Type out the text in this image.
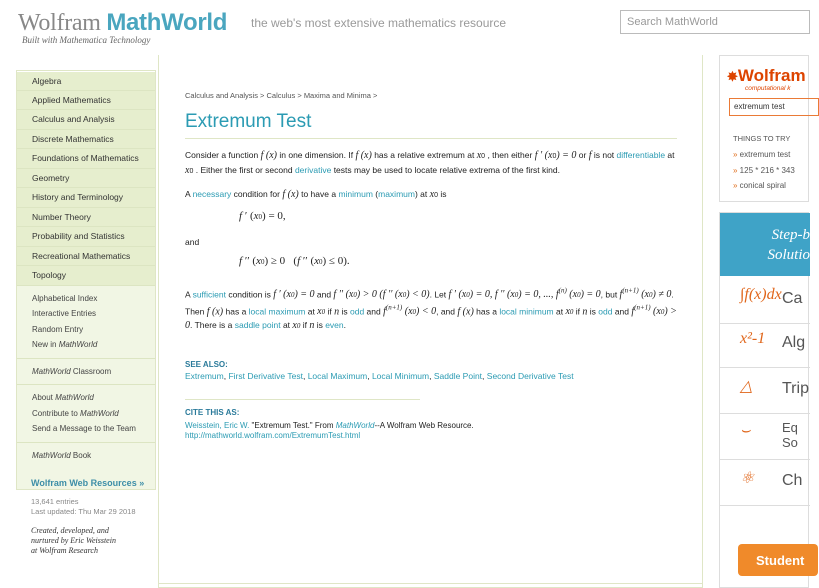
Wolfram MathWorld
Built with Mathematica Technology
the web's most extensive mathematics resource	Search MathWorld
Algebra
Applied Mathematics
Calculus and Analysis
Discrete Mathematics
Foundations of Mathematics
Geometry
History and Terminology
Number Theory
Probability and Statistics
Recreational Mathematics
Topology
Alphabetical Index
Interactive Entries
Random Entry
New in MathWorld
MathWorld Classroom
About MathWorld
Contribute to MathWorld
Send a Message to the Team
MathWorld Book
Wolfram Web Resources »
13,641 entries
Last updated: Thu Mar 29 2018
Created, developed, and
nurtured by Eric Weisstein
at Wolfram Research
Calculus and Analysis > Calculus > Maxima and Minima >
Extremum Test

Consider a function f (x) in one dimension. If f (x) has a relative extremum at x0 , then either f ′ (x0) = 0 or f is not differentiable at x0 . Either the first or second derivative tests may be used to locate relative extrema of the first kind.

A necessary condition for f (x) to have a minimum (maximum) at x0 is

f ′ (x0) = 0,

and

f ′′ (x0) ≥ 0   (f ′′ (x0) ≤ 0).

A sufficient condition is f ′ (x0) = 0 and f ′′ (x0) > 0 (f ′′ (x0) < 0). Let f ′ (x0) = 0, f ′′ (x0) = 0, ..., $f^{(n)}$ (x0) = 0, but $f^{(n+1)}$ (x0) ≠ 0. Then f (x) has a local maximum at x0 if n is odd and $f^{(n+1)}$ (x0) < 0, and f (x) has a local minimum at x0 if n is odd and $f^{(n+1)}$ (x0) > 0. There is a saddle point at x0 if n is even.

SEE ALSO:
Extremum, First Derivative Test, Local Maximum, Local Minimum, Saddle Point, Second Derivative Test
CITE THIS AS:
Weisstein, Eric W. "Extremum Test." From MathWorld--A Wolfram Web Resource.
http://mathworld.wolfram.com/ExtremumTest.html
✸Wolfram
computational k
extremum test
THINGS TO TRY
» extremum test
» 125 * 216 * 343
» conical spiral
Step-b
Solutio
∫f(x)dx Ca
x²-1 Alg
△ Trip
⌣ Eq So
⚛ Ch
Student
